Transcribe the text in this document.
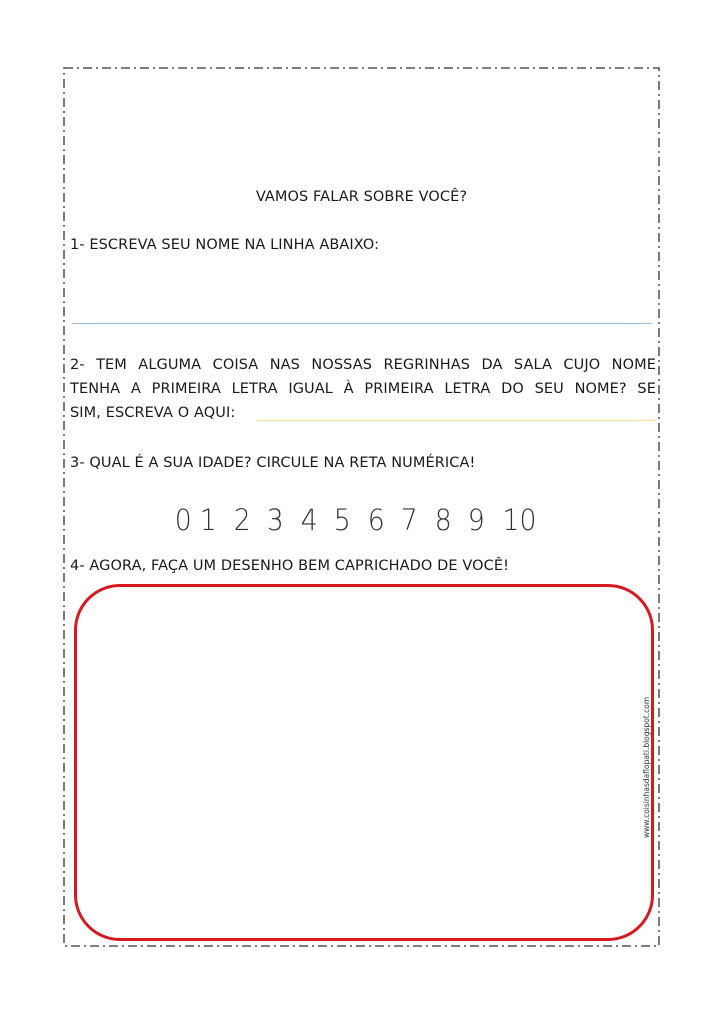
VAMOS FALAR SOBRE VOCÊ?
1- ESCREVA SEU NOME NA LINHA ABAIXO:
2- TEM ALGUMA COISA NAS NOSSAS REGRINHAS DA SALA CUJO NOME
TENHA A PRIMEIRA LETRA IGUAL À PRIMEIRA LETRA DO SEU NOME? SE
SIM, ESCREVA O AQUI:
3- QUAL É A SUA IDADE? CIRCULE NA RETA NUMÉRICA!
0 1 2 3 4 5 6 7 8 9 10
4- AGORA, FAÇA UM DESENHO BEM CAPRICHADO DE VOCÊ!
www.coisinhasdaflopati.blogspot.com
